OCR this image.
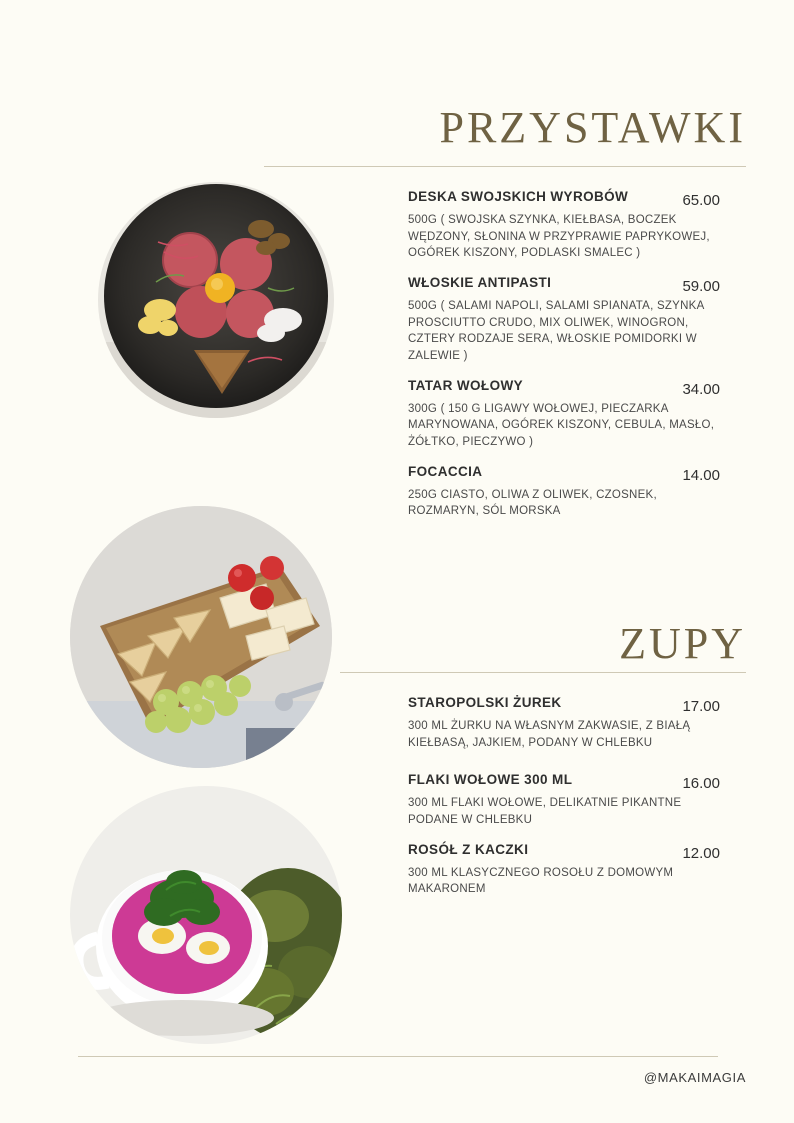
PRZYSTAWKI
DESKA SWOJSKICH WYROBÓW	65.00
500G ( SWOJSKA SZYNKA, KIEŁBASA, BOCZEK WĘDZONY, SŁONINA W PRZYPRAWIE PAPRYKOWEJ, OGÓREK KISZONY, PODLASKI SMALEC )
WŁOSKIE ANTIPASTI	59.00
500G ( SALAMI NAPOLI, SALAMI SPIANATA, SZYNKA PROSCIUTTO CRUDO, MIX OLIWEK, WINOGRON, CZTERY RODZAJE SERA, WŁOSKIE POMIDORKI W ZALEWIE )
TATAR WOŁOWY	34.00
300G ( 150 G LIGAWY WOŁOWEJ, PIECZARKA MARYNOWANA, OGÓREK KISZONY, CEBULA, MASŁO, ŻÓŁTKO, PIECZYWO )
FOCACCIA	14.00
250G CIASTO, OLIWA Z OLIWEK, CZOSNEK, ROZMARYN, SÓL MORSKA
ZUPY
STAROPOLSKI ŻUREK	17.00
300 ML ŻURKU NA WŁASNYM ZAKWASIE, Z BIAŁĄ KIEŁBASĄ, JAJKIEM, PODANY W CHLEBKU
FLAKI WOŁOWE 300 ML	16.00
300 ML FLAKI WOŁOWE, DELIKATNIE PIKANTNE PODANE W CHLEBKU
ROSÓŁ Z KACZKI	12.00
300 ML KLASYCZNEGO ROSOŁU Z DOMOWYM MAKARONEM
@MAKAIMAGIA
